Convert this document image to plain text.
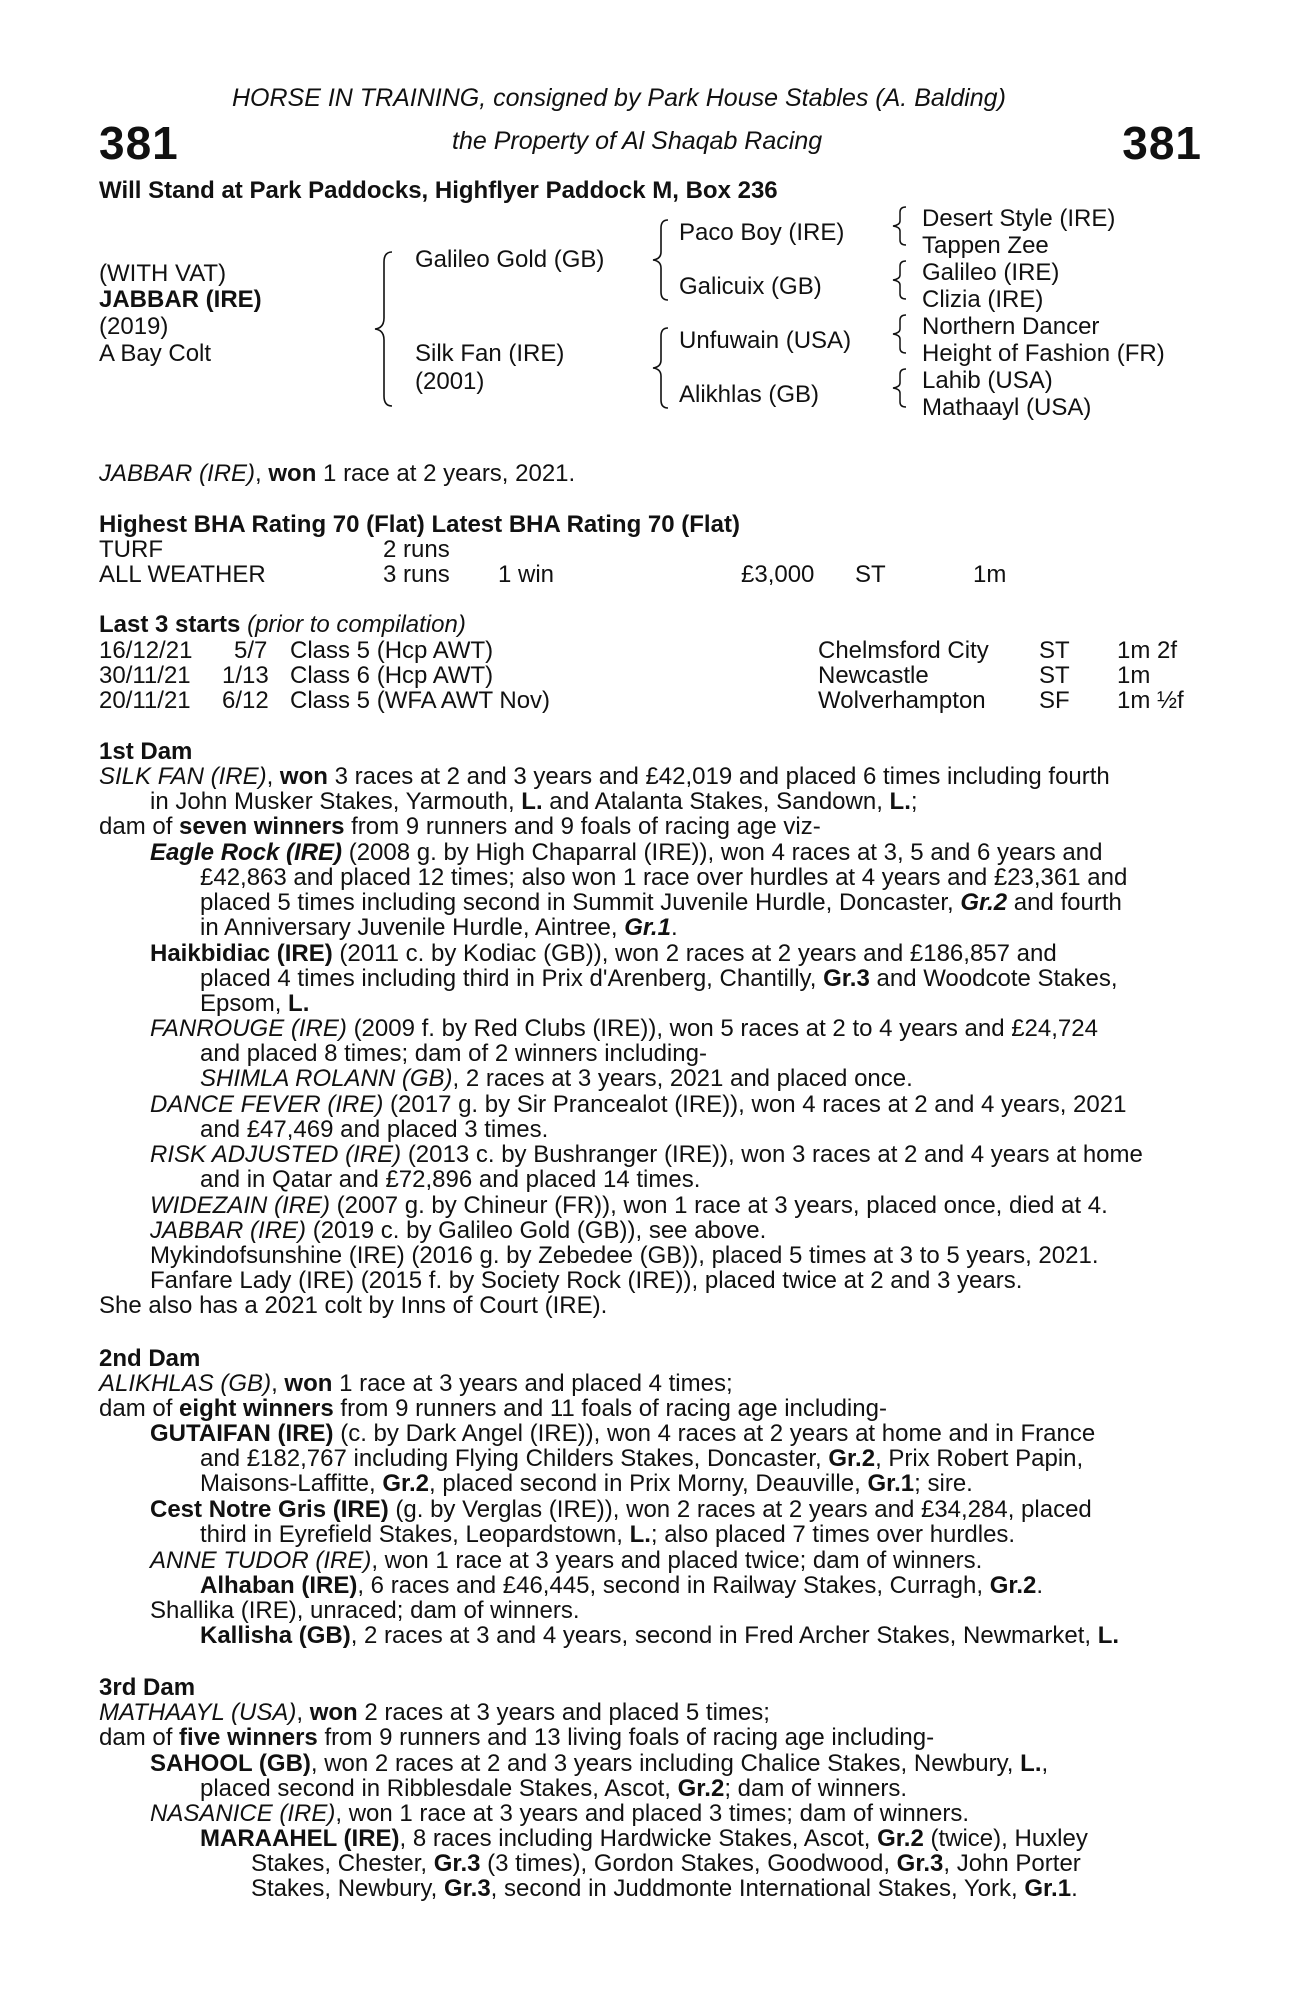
381	381
HORSE IN TRAINING, consigned by Park House Stables (A. Balding)
the Property of Al Shaqab Racing
Will Stand at Park Paddocks, Highflyer Paddock M, Box 236
(WITH VAT)
JABBAR (IRE)
(2019)
A Bay Colt
Galileo Gold (GB)
Silk Fan (IRE)
(2001)
Paco Boy (IRE)
Galicuix (GB)
Unfuwain (USA)
Alikhlas (GB)
Desert Style (IRE)
Tappen Zee
Galileo (IRE)
Clizia (IRE)
Northern Dancer
Height of Fashion (FR)
Lahib (USA)
Mathaayl (USA)
JABBAR (IRE), won 1 race at 2 years, 2021.
Highest BHA Rating 70 (Flat) Latest BHA Rating 70 (Flat)
TURF	2 runs
ALL WEATHER	3 runs 1 win	£3,000 ST	1m
Last 3 starts (prior to compilation)
16/12/21 5/7 Class 5 (Hcp AWT)	Chelmsford City ST 1m 2f
30/11/21 1/13 Class 6 (Hcp AWT)	Newcastle	ST 1m
20/11/21 6/12 Class 5 (WFA AWT Nov)	Wolverhampton SF 1m ½f
1st Dam
SILK FAN (IRE), won 3 races at 2 and 3 years and £42,019 and placed 6 times including fourth
in John Musker Stakes, Yarmouth, L. and Atalanta Stakes, Sandown, L.;
dam of seven winners from 9 runners and 9 foals of racing age viz-
Eagle Rock (IRE) (2008 g. by High Chaparral (IRE)), won 4 races at 3, 5 and 6 years and
£42,863 and placed 12 times; also won 1 race over hurdles at 4 years and £23,361 and
placed 5 times including second in Summit Juvenile Hurdle, Doncaster, Gr.2 and fourth
in Anniversary Juvenile Hurdle, Aintree, Gr.1.
Haikbidiac (IRE) (2011 c. by Kodiac (GB)), won 2 races at 2 years and £186,857 and
placed 4 times including third in Prix d'Arenberg, Chantilly, Gr.3 and Woodcote Stakes,
Epsom, L.
FANROUGE (IRE) (2009 f. by Red Clubs (IRE)), won 5 races at 2 to 4 years and £24,724
and placed 8 times; dam of 2 winners including-
SHIMLA ROLANN (GB), 2 races at 3 years, 2021 and placed once.
DANCE FEVER (IRE) (2017 g. by Sir Prancealot (IRE)), won 4 races at 2 and 4 years, 2021
and £47,469 and placed 3 times.
RISK ADJUSTED (IRE) (2013 c. by Bushranger (IRE)), won 3 races at 2 and 4 years at home
and in Qatar and £72,896 and placed 14 times.
WIDEZAIN (IRE) (2007 g. by Chineur (FR)), won 1 race at 3 years, placed once, died at 4.
JABBAR (IRE) (2019 c. by Galileo Gold (GB)), see above.
Mykindofsunshine (IRE) (2016 g. by Zebedee (GB)), placed 5 times at 3 to 5 years, 2021.
Fanfare Lady (IRE) (2015 f. by Society Rock (IRE)), placed twice at 2 and 3 years.
She also has a 2021 colt by Inns of Court (IRE).
2nd Dam
ALIKHLAS (GB), won 1 race at 3 years and placed 4 times;
dam of eight winners from 9 runners and 11 foals of racing age including-
GUTAIFAN (IRE) (c. by Dark Angel (IRE)), won 4 races at 2 years at home and in France
and £182,767 including Flying Childers Stakes, Doncaster, Gr.2, Prix Robert Papin,
Maisons-Laffitte, Gr.2, placed second in Prix Morny, Deauville, Gr.1; sire.
Cest Notre Gris (IRE) (g. by Verglas (IRE)), won 2 races at 2 years and £34,284, placed
third in Eyrefield Stakes, Leopardstown, L.; also placed 7 times over hurdles.
ANNE TUDOR (IRE), won 1 race at 3 years and placed twice; dam of winners.
Alhaban (IRE), 6 races and £46,445, second in Railway Stakes, Curragh, Gr.2.
Shallika (IRE), unraced; dam of winners.
Kallisha (GB), 2 races at 3 and 4 years, second in Fred Archer Stakes, Newmarket, L.
3rd Dam
MATHAAYL (USA), won 2 races at 3 years and placed 5 times;
dam of five winners from 9 runners and 13 living foals of racing age including-
SAHOOL (GB), won 2 races at 2 and 3 years including Chalice Stakes, Newbury, L.,
placed second in Ribblesdale Stakes, Ascot, Gr.2; dam of winners.
NASANICE (IRE), won 1 race at 3 years and placed 3 times; dam of winners.
MARAAHEL (IRE), 8 races including Hardwicke Stakes, Ascot, Gr.2 (twice), Huxley
Stakes, Chester, Gr.3 (3 times), Gordon Stakes, Goodwood, Gr.3, John Porter
Stakes, Newbury, Gr.3, second in Juddmonte International Stakes, York, Gr.1.
